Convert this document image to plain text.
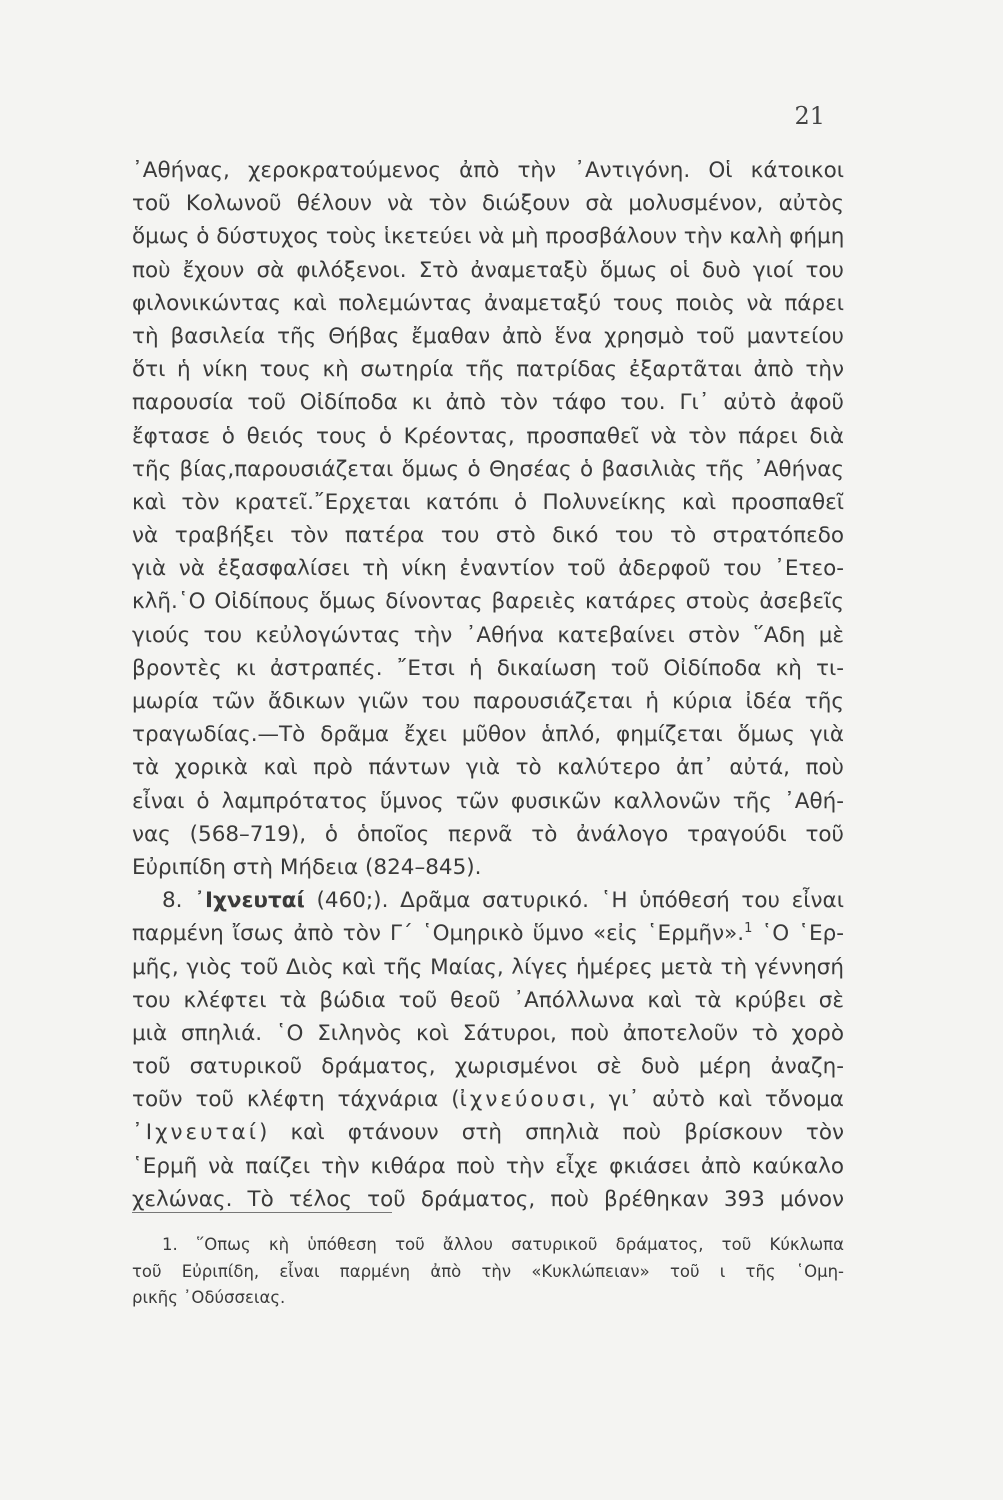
21
᾿Αθήνας, χεροκρατούμενος ἀπὸ τὴν ᾿Αντιγόνη. Οἱ κάτοικοι
τοῦ Κολωνοῦ θέλουν νὰ τὸν διώξουν σὰ μολυσμένον, αὐτὸς
ὅμως ὁ δύστυχος τοὺς ἱκετεύει νὰ μὴ προσβάλουν τὴν καλὴ φήμη
ποὺ ἔχουν σὰ φιλόξενοι. Στὸ ἀναμεταξὺ ὅμως οἱ δυὸ γιοί του
φιλονικώντας καὶ πολεμώντας ἀναμεταξύ τους ποιὸς νὰ πάρει
τὴ βασιλεία τῆς Θήβας ἔμαθαν ἀπὸ ἕνα χρησμὸ τοῦ μαντείου
ὅτι ἡ νίκη τους κὴ σωτηρία τῆς πατρίδας ἐξαρτᾶται ἀπὸ τὴν
παρουσία τοῦ Οἰδίποδα κι ἀπὸ τὸν τάφο του. Γι᾿ αὐτὸ ἀφοῦ
ἔφτασε ὁ θειός τους ὁ Κρέοντας, προσπαθεῖ νὰ τὸν πάρει διὰ
τῆς βίας,παρουσιάζεται ὅμως ὁ Θησέας ὁ βασιλιὰς τῆς ᾿Αθήνας
καὶ τὸν κρατεῖ.῎Ερχεται κατόπι ὁ Πολυνείκης καὶ προσπαθεῖ
νὰ τραβήξει τὸν πατέρα του στὸ δικό του τὸ στρατόπεδο
γιὰ νὰ ἐξασφαλίσει τὴ νίκη ἐναντίον τοῦ ἀδερφοῦ του ᾿Ετεο-
κλῆ.῾Ο Οἰδίπους ὅμως δίνοντας βαρειὲς κατάρες στοὺς ἀσεβεῖς
γιούς του κεὐλογώντας τὴν ᾿Αθήνα κατεβαίνει στὸν ῞Αδη μὲ
βροντὲς κι ἀστραπές. ῎Ετσι ἡ δικαίωση τοῦ Οἰδίποδα κὴ τι-
μωρία τῶν ἄδικων γιῶν του παρουσιάζεται ἡ κύρια ἰδέα τῆς
τραγωδίας.—Τὸ δρᾶμα ἔχει μῦθον ἁπλό, φημίζεται ὅμως γιὰ
τὰ χορικὰ καὶ πρὸ πάντων γιὰ τὸ καλύτερο ἀπ᾿ αὐτά, ποὺ
εἶναι ὁ λαμπρότατος ὕμνος τῶν φυσικῶν καλλονῶν τῆς ᾿Αθή-
νας (568–719), ὁ ὁποῖος περνᾶ τὸ ἀνάλογο τραγούδι τοῦ
Εὐριπίδη στὴ Μήδεια (824–845).
8. ᾿Ιχνευταί (460;). Δρᾶμα σατυρικό. ῾Η ὑπόθεσή του εἶναι
παρμένη ἴσως ἀπὸ τὸν Γ΄ ῾Ομηρικὸ ὕμνο «εἰς ῾Ερμῆν».$^1$ ῾Ο ῾Ερ-
μῆς, γιὸς τοῦ Διὸς καὶ τῆς Μαίας, λίγες ἡμέρες μετὰ τὴ γέννησή
του κλέφτει τὰ βώδια τοῦ θεοῦ ᾿Απόλλωνα καὶ τὰ κρύβει σὲ
μιὰ σπηλιά. ῾Ο Σιληνὸς κοὶ Σάτυροι, ποὺ ἀποτελοῦν τὸ χορὸ
τοῦ σατυρικοῦ δράματος, χωρισμένοι σὲ δυὸ μέρη ἀναζη-
τοῦν τοῦ κλέφτη τάχνάρια (ἰχνεύουσι, γι᾿ αὐτὸ καὶ τὄνομα
᾿Ιχνευταί) καὶ φτάνουν στὴ σπηλιὰ ποὺ βρίσκουν τὸν
῾Ερμῆ νὰ παίζει τὴν κιθάρα ποὺ τὴν εἶχε φκιάσει ἀπὸ καύκαλο
χελώνας. Τὸ τέλος τοῦ δράματος, ποὺ βρέθηκαν 393 μόνον
1. ῞Οπως κὴ ὑπόθεση τοῦ ἄλλου σατυρικοῦ δράματος, τοῦ Κύκλωπα
τοῦ Εὐριπίδη, εἶναι παρμένη ἀπὸ τὴν «Κυκλώπειαν» τοῦ ι τῆς ῾Ομη-
ρικῆς ᾿Οδύσσειας.
